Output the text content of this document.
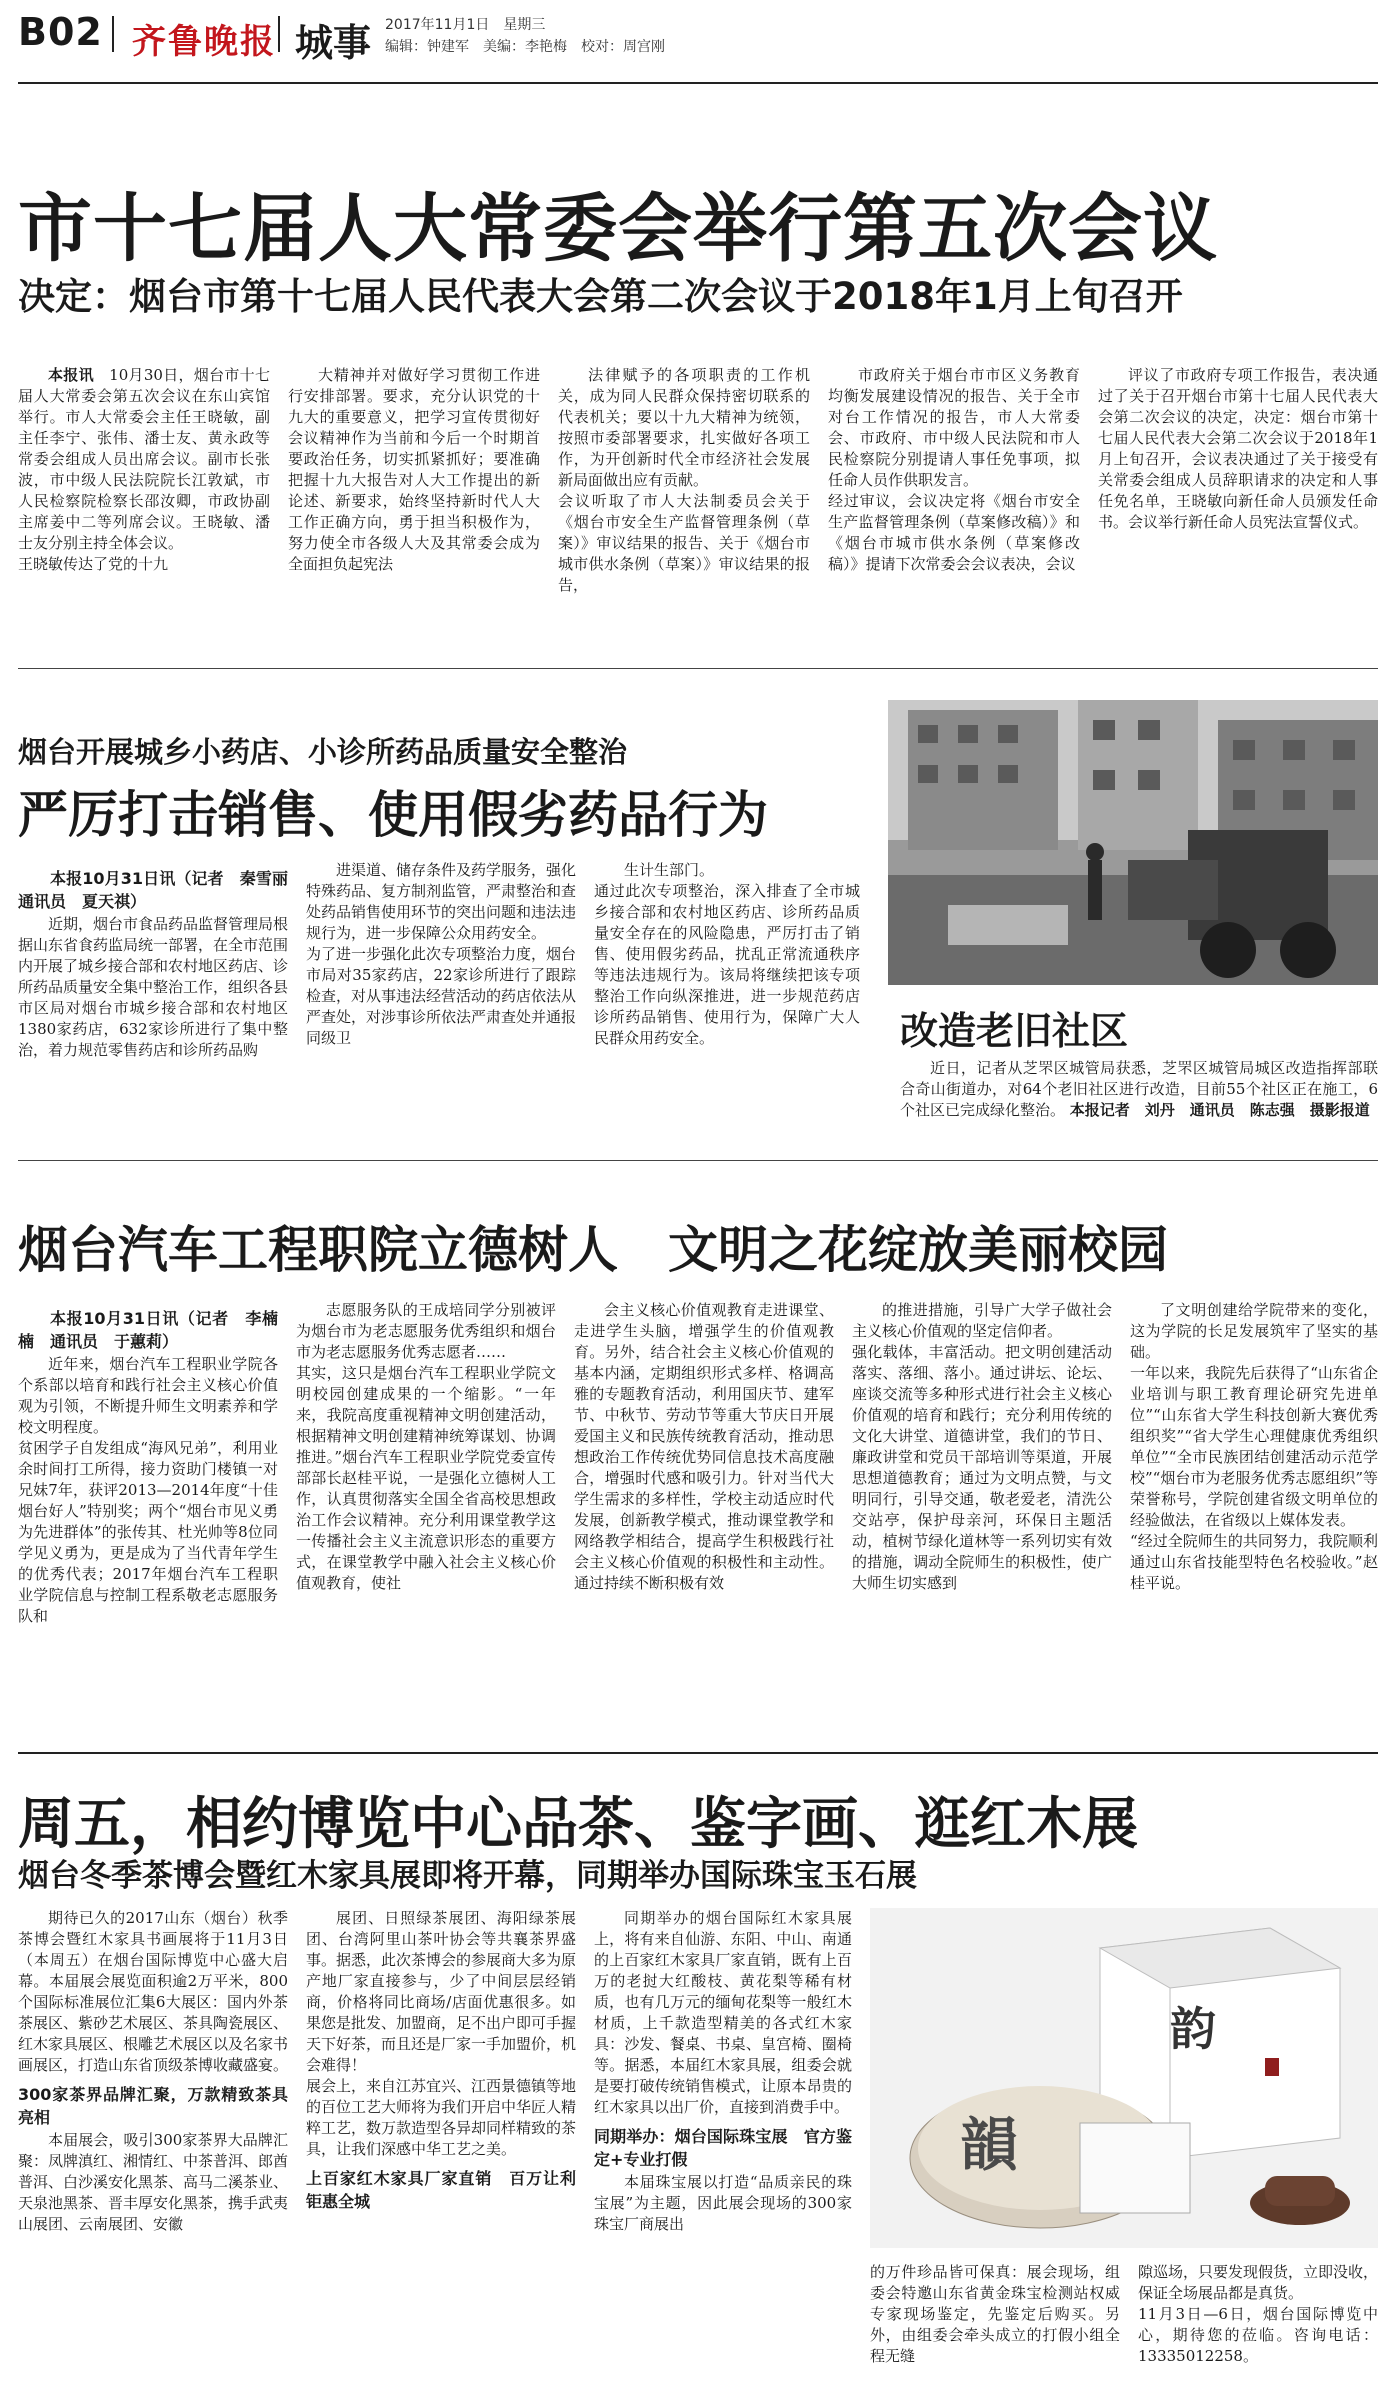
B02 齐鲁晚报 城事 2017年11月1日　星期三
编辑：钟建军　美编：李艳梅　校对：周宫刚
市十七届人大常委会举行第五次会议
决定：烟台市第十七届人民代表大会第二次会议于2018年1月上旬召开

本报讯　 10月30日，烟台市十七届人大常委会第五次会议在东山宾馆举行。市人大常委会主任王晓敏，副主任李宁、张伟、潘士友、黄永政等常委会组成人员出席会议。副市长张波，市中级人民法院院长江敦斌，市人民检察院检察长邵汝卿，市政协副主席姜中二等列席会议。王晓敏、潘士友分别主持全体会议。
王晓敏传达了党的十九

大精神并对做好学习贯彻工作进行安排部署。要求，充分认识党的十九大的重要意义，把学习宣传贯彻好会议精神作为当前和今后一个时期首要政治任务，切实抓紧抓好；要准确把握十九大报告对人大工作提出的新论述、新要求，始终坚持新时代人大工作正确方向，勇于担当积极作为，努力使全市各级人大及其常委会成为全面担负起宪法

法律赋予的各项职责的工作机关，成为同人民群众保持密切联系的代表机关；要以十九大精神为统领，按照市委部署要求，扎实做好各项工作，为开创新时代全市经济社会发展新局面做出应有贡献。
会议听取了市人大法制委员会关于《烟台市安全生产监督管理条例（草案）》审议结果的报告、关于《烟台市城市供水条例（草案）》审议结果的报告，

市政府关于烟台市市区义务教育均衡发展建设情况的报告、关于全市对台工作情况的报告，市人大常委会、市政府、市中级人民法院和市人民检察院分别提请人事任免事项，拟任命人员作供职发言。
经过审议，会议决定将《烟台市安全生产监督管理条例（草案修改稿）》和《烟台市城市供水条例（草案修改稿）》提请下次常委会会议表决，会议

评议了市政府专项工作报告，表决通过了关于召开烟台市第十七届人民代表大会第二次会议的决定，决定：烟台市第十七届人民代表大会第二次会议于2018年1月上旬召开，会议表决通过了关于接受有关常委会组成人员辞职请求的决定和人事任免名单，王晓敏向新任命人员颁发任命书。会议举行新任命人员宪法宣誓仪式。

烟台开展城乡小药店、小诊所药品质量安全整治
严厉打击销售、使用假劣药品行为

本报10月31日讯（记者　秦雪丽　通讯员　夏天祺）

近期，烟台市食品药品监督管理局根据山东省食药监局统一部署，在全市范围内开展了城乡接合部和农村地区药店、诊所药品质量安全集中整治工作，组织各县市区局对烟台市城乡接合部和农村地区1380家药店，632家诊所进行了集中整治，着力规范零售药店和诊所药品购

进渠道、储存条件及药学服务，强化特殊药品、复方制剂监管，严肃整治和查处药品销售使用环节的突出问题和违法违规行为，进一步保障公众用药安全。
为了进一步强化此次专项整治力度，烟台市局对35家药店，22家诊所进行了跟踪检查，对从事违法经营活动的药店依法从严查处，对涉事诊所依法严肃查处并通报同级卫

生计生部门。
通过此次专项整治，深入排查了全市城乡接合部和农村地区药店、诊所药品质量安全存在的风险隐患，严厉打击了销售、使用假劣药品，扰乱正常流通秩序等违法违规行为。该局将继续把该专项整治工作向纵深推进，进一步规范药店诊所药品销售、使用行为，保障广大人民群众用药安全。	改造老旧社区

近日，记者从芝罘区城管局获悉，芝罘区城管局城区改造指挥部联合奇山街道办，对64个老旧社区进行改造，目前55个社区正在施工，6个社区已完成绿化整治。 本报记者　刘丹　通讯员　陈志强　摄影报道

烟台汽车工程职院立德树人　文明之花绽放美丽校园

本报10月31日讯（记者　李楠楠　通讯员　于蕙莉）

近年来，烟台汽车工程职业学院各个系部以培育和践行社会主义核心价值观为引领，不断提升师生文明素养和学校文明程度。
贫困学子自发组成“海风兄弟”，利用业余时间打工所得，接力资助门楼镇一对兄妹7年，获评2013—2014年度“十佳烟台好人”特别奖；两个“烟台市见义勇为先进群体”的张传其、杜光帅等8位同学见义勇为，更是成为了当代青年学生的优秀代表；2017年烟台汽车工程职业学院信息与控制工程系敬老志愿服务队和

志愿服务队的王成培同学分别被评为烟台市为老志愿服务优秀组织和烟台市为老志愿服务优秀志愿者……
其实，这只是烟台汽车工程职业学院文明校园创建成果的一个缩影。“一年来，我院高度重视精神文明创建活动，根据精神文明创建精神统筹谋划、协调推进。”烟台汽车工程职业学院党委宣传部部长赵桂平说，一是强化立德树人工作，认真贯彻落实全国全省高校思想政治工作会议精神。充分利用课堂教学这一传播社会主义主流意识形态的重要方式，在课堂教学中融入社会主义核心价值观教育，使社

会主义核心价值观教育走进课堂、走进学生头脑，增强学生的价值观教育。另外，结合社会主义核心价值观的基本内涵，定期组织形式多样、格调高雅的专题教育活动，利用国庆节、建军节、中秋节、劳动节等重大节庆日开展爱国主义和民族传统教育活动，推动思想政治工作传统优势同信息技术高度融合，增强时代感和吸引力。针对当代大学生需求的多样性，学校主动适应时代发展，创新教学模式，推动课堂教学和网络教学相结合，提高学生积极践行社会主义核心价值观的积极性和主动性。通过持续不断积极有效

的推进措施，引导广大学子做社会主义核心价值观的坚定信仰者。
强化载体，丰富活动。把文明创建活动落实、落细、落小。通过讲坛、论坛、座谈交流等多种形式进行社会主义核心价值观的培育和践行；充分利用传统的文化大讲堂、道德讲堂，我们的节日、廉政讲堂和党员干部培训等渠道，开展思想道德教育；通过为文明点赞，与文明同行，引导交通，敬老爱老，清洗公交站亭，保护母亲河，环保日主题活动，植树节绿化道林等一系列切实有效的措施，调动全院师生的积极性，使广大师生切实感到

了文明创建给学院带来的变化，这为学院的长足发展筑牢了坚实的基础。
一年以来，我院先后获得了“山东省企业培训与职工教育理论研究先进单位”“山东省大学生科技创新大赛优秀组织奖”“省大学生心理健康优秀组织单位”“全市民族团结创建活动示范学校”“烟台市为老服务优秀志愿组织”等荣誉称号，学院创建省级文明单位的经验做法，在省级以上媒体发表。
“经过全院师生的共同努力，我院顺利通过山东省技能型特色名校验收。”赵桂平说。

周五，相约博览中心品茶、鉴字画、逛红木展
烟台冬季茶博会暨红木家具展即将开幕，同期举办国际珠宝玉石展

期待已久的2017山东（烟台）秋季茶博会暨红木家具书画展将于11月3日（本周五）在烟台国际博览中心盛大启幕。本届展会展览面积逾2万平米，800个国际标准展位汇集6大展区：国内外茶茶展区、紫砂艺术展区、茶具陶瓷展区、红木家具展区、根雕艺术展区以及名家书画展区，打造山东省顶级茶博收藏盛宴。

300家茶界品牌汇聚，万款精致茶具亮相

本届展会，吸引300家茶界大品牌汇聚：凤牌滇红、湘情红、中茶普洱、郎酋普洱、白沙溪安化黑茶、高马二溪茶业、天泉池黑茶、晋丰厚安化黑茶，携手武夷山展团、云南展团、安徽

展团、日照绿茶展团、海阳绿茶展团、台湾阿里山茶叶协会等共襄茶界盛事。据悉，此次茶博会的参展商大多为原产地厂家直接参与，少了中间层层经销商，价格将同比商场/店面优惠很多。如果您是批发、加盟商，足不出户即可手握天下好茶，而且还是厂家一手加盟价，机会难得！
展会上，来自江苏宜兴、江西景德镇等地的百位工艺大师将为我们开启中华匠人精粹工艺，数万款造型各异却同样精致的茶具，让我们深感中华工艺之美。

上百家红木家具厂家直销　百万让利钜惠全城

同期举办的烟台国际红木家具展上，将有来自仙游、东阳、中山、南通的上百家红木家具厂家直销，既有上百万的老挝大红酸枝、黄花梨等稀有材质，也有几万元的缅甸花梨等一般红木材质，上千款造型精美的各式红木家具：沙发、餐桌、书桌、皇宫椅、圈椅等。据悉，本届红木家具展，组委会就是要打破传统销售模式，让原本昂贵的红木家具以出厂价，直接到消费手中。

同期举办：烟台国际珠宝展　官方鉴定+专业打假

本届珠宝展以打造“品质亲民的珠宝展”为主题，因此展会现场的300家珠宝厂商展出

韵
韻

的万件珍品皆可保真：展会现场，组委会特邀山东省黄金珠宝检测站权威专家现场鉴定，先鉴定后购买。另外，由组委会牵头成立的打假小组全程无缝

隙巡场，只要发现假货，立即没收，保证全场展品都是真货。
11月3日—6日，烟台国际博览中心，期待您的莅临。咨询电话：13335012258。
